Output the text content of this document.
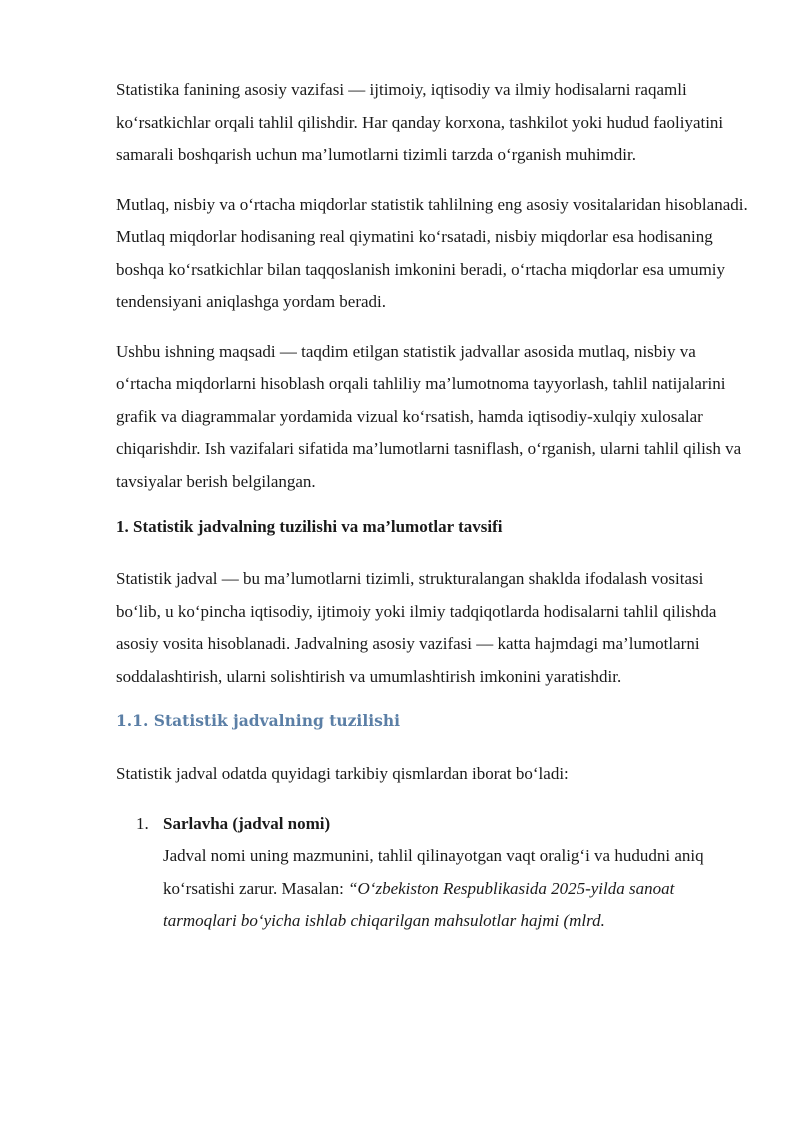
Statistika fanining asosiy vazifasi — ijtimoiy, iqtisodiy va ilmiy hodisalarni raqamli ko‘rsatkichlar orqali tahlil qilishdir. Har qanday korxona, tashkilot yoki hudud faoliyatini samarali boshqarish uchun ma’lumotlarni tizimli tarzda o‘rganish muhimdir.

Mutlaq, nisbiy va o‘rtacha miqdorlar statistik tahlilning eng asosiy vositalaridan hisoblanadi. Mutlaq miqdorlar hodisaning real qiymatini ko‘rsatadi, nisbiy miqdorlar esa hodisaning boshqa ko‘rsatkichlar bilan taqqoslanish imkonini beradi, o‘rtacha miqdorlar esa umumiy tendensiyani aniqlashga yordam beradi.

Ushbu ishning maqsadi — taqdim etilgan statistik jadvallar asosida mutlaq, nisbiy va o‘rtacha miqdorlarni hisoblash orqali tahliliy ma’lumotnoma tayyorlash, tahlil natijalarini grafik va diagrammalar yordamida vizual ko‘rsatish, hamda iqtisodiy-xulqiy xulosalar chiqarishdir. Ish vazifalari sifatida ma’lumotlarni tasniflash, o‘rganish, ularni tahlil qilish va tavsiyalar berish belgilangan.

1. Statistik jadvalning tuzilishi va ma’lumotlar tavsifi

Statistik jadval — bu ma’lumotlarni tizimli, strukturalangan shaklda ifodalash vositasi bo‘lib, u ko‘pincha iqtisodiy, ijtimoiy yoki ilmiy tadqiqotlarda hodisalarni tahlil qilishda asosiy vosita hisoblanadi. Jadvalning asosiy vazifasi — katta hajmdagi ma’lumotlarni soddalashtirish, ularni solishtirish va umumlashtirish imkonini yaratishdir.

1.1. Statistik jadvalning tuzilishi

Statistik jadval odatda quyidagi tarkibiy qismlardan iborat bo‘ladi:

1. Sarlavha (jadval nomi)
Jadval nomi uning mazmunini, tahlil qilinayotgan vaqt oralig‘i va hududni aniq ko‘rsatishi zarur. Masalan: “O‘zbekiston Respublikasida 2025-yilda sanoat tarmoqlari bo‘yicha ishlab chiqarilgan mahsulotlar hajmi (mlrd.
